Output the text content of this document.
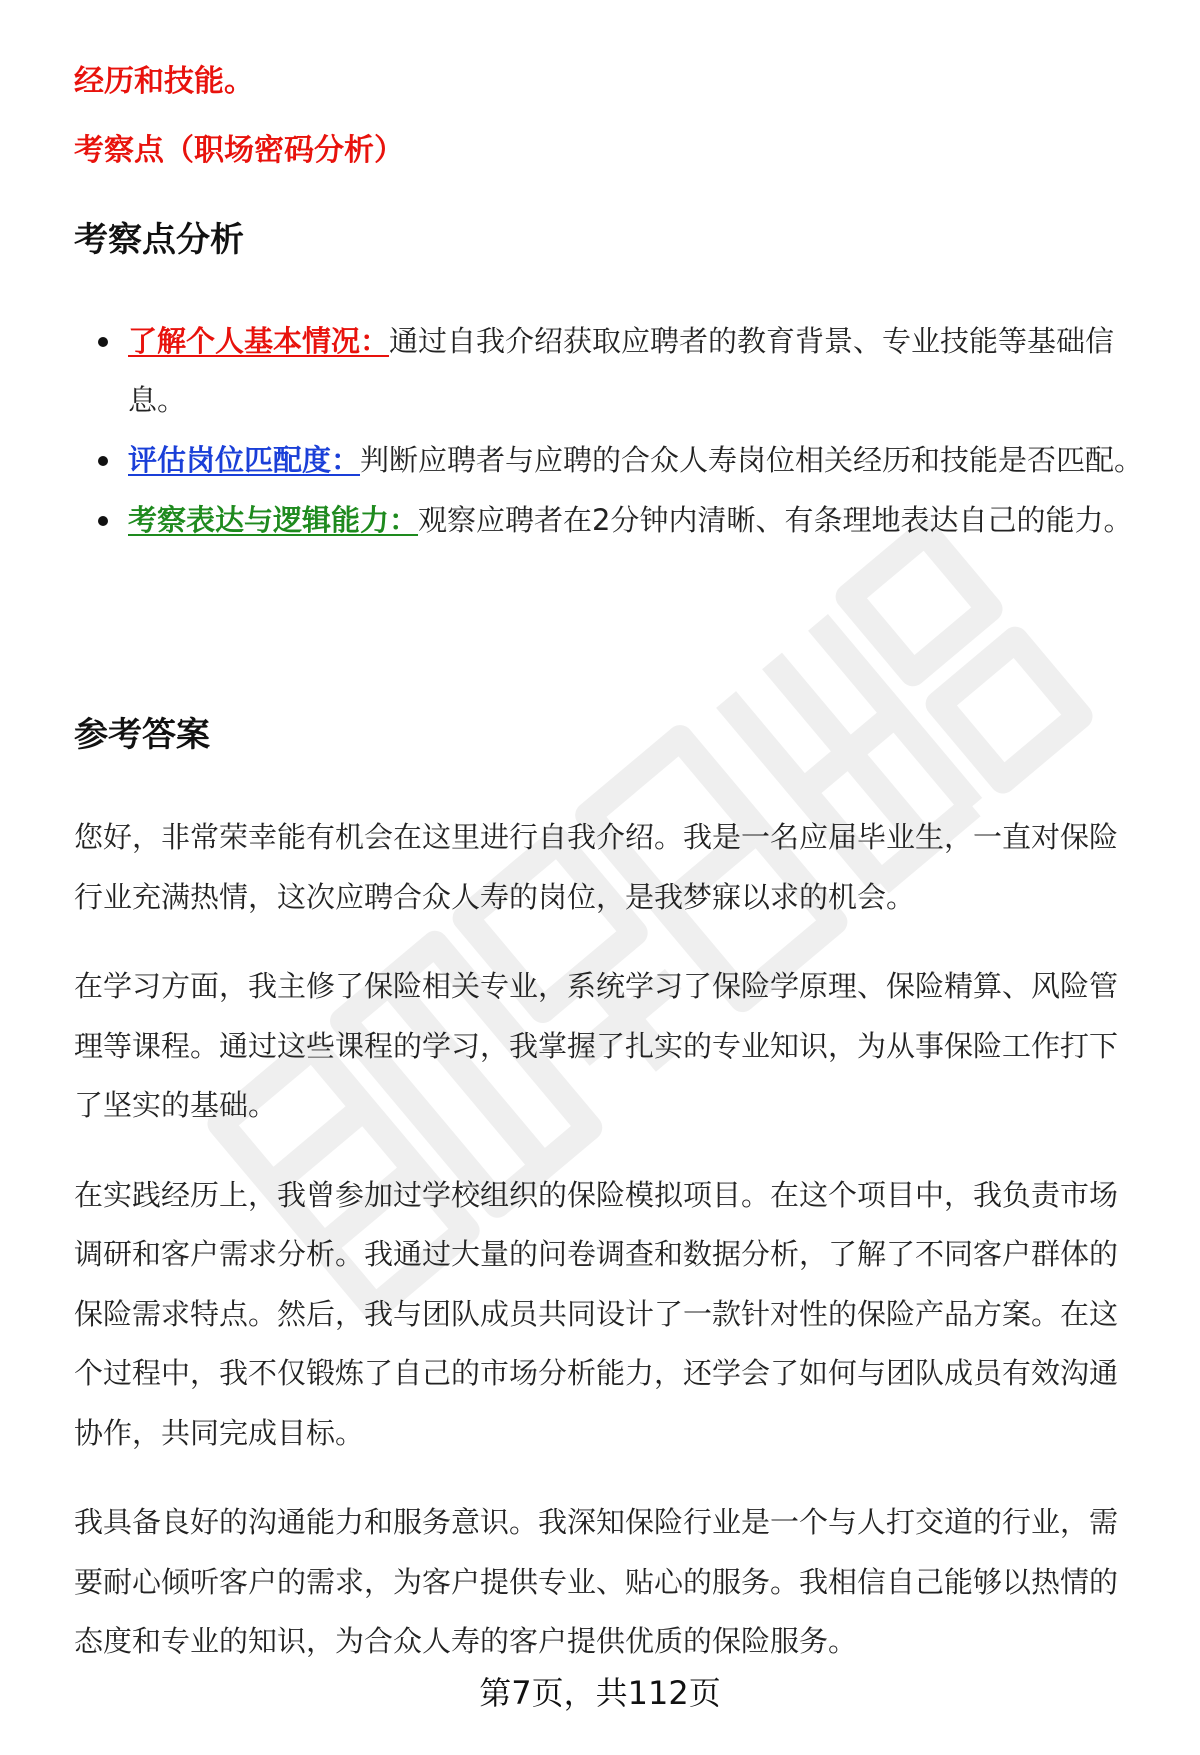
经历和技能。

考察点（职场密码分析）

考察点分析
了解个人基本情况：通过自我介绍获取应聘者的教育背景、专业技能等基础信息。
评估岗位匹配度：判断应聘者与应聘的合众人寿岗位相关经历和技能是否匹配。
考察表达与逻辑能力：观察应聘者在2分钟内清晰、有条理地表达自己的能力。
参考答案

您好，非常荣幸能有机会在这里进行自我介绍。我是一名应届毕业生，一直对保险行业充满热情，这次应聘合众人寿的岗位，是我梦寐以求的机会。

在学习方面，我主修了保险相关专业，系统学习了保险学原理、保险精算、风险管理等课程。通过这些课程的学习，我掌握了扎实的专业知识，为从事保险工作打下了坚实的基础。

在实践经历上，我曾参加过学校组织的保险模拟项目。在这个项目中，我负责市场调研和客户需求分析。我通过大量的问卷调查和数据分析，了解了不同客户群体的保险需求特点。然后，我与团队成员共同设计了一款针对性的保险产品方案。在这个过程中，我不仅锻炼了自己的市场分析能力，还学会了如何与团队成员有效沟通协作，共同完成目标。

我具备良好的沟通能力和服务意识。我深知保险行业是一个与人打交道的行业，需要耐心倾听客户的需求，为客户提供专业、贴心的服务。我相信自己能够以热情的态度和专业的知识，为合众人寿的客户提供优质的保险服务。

第7页，共112页
